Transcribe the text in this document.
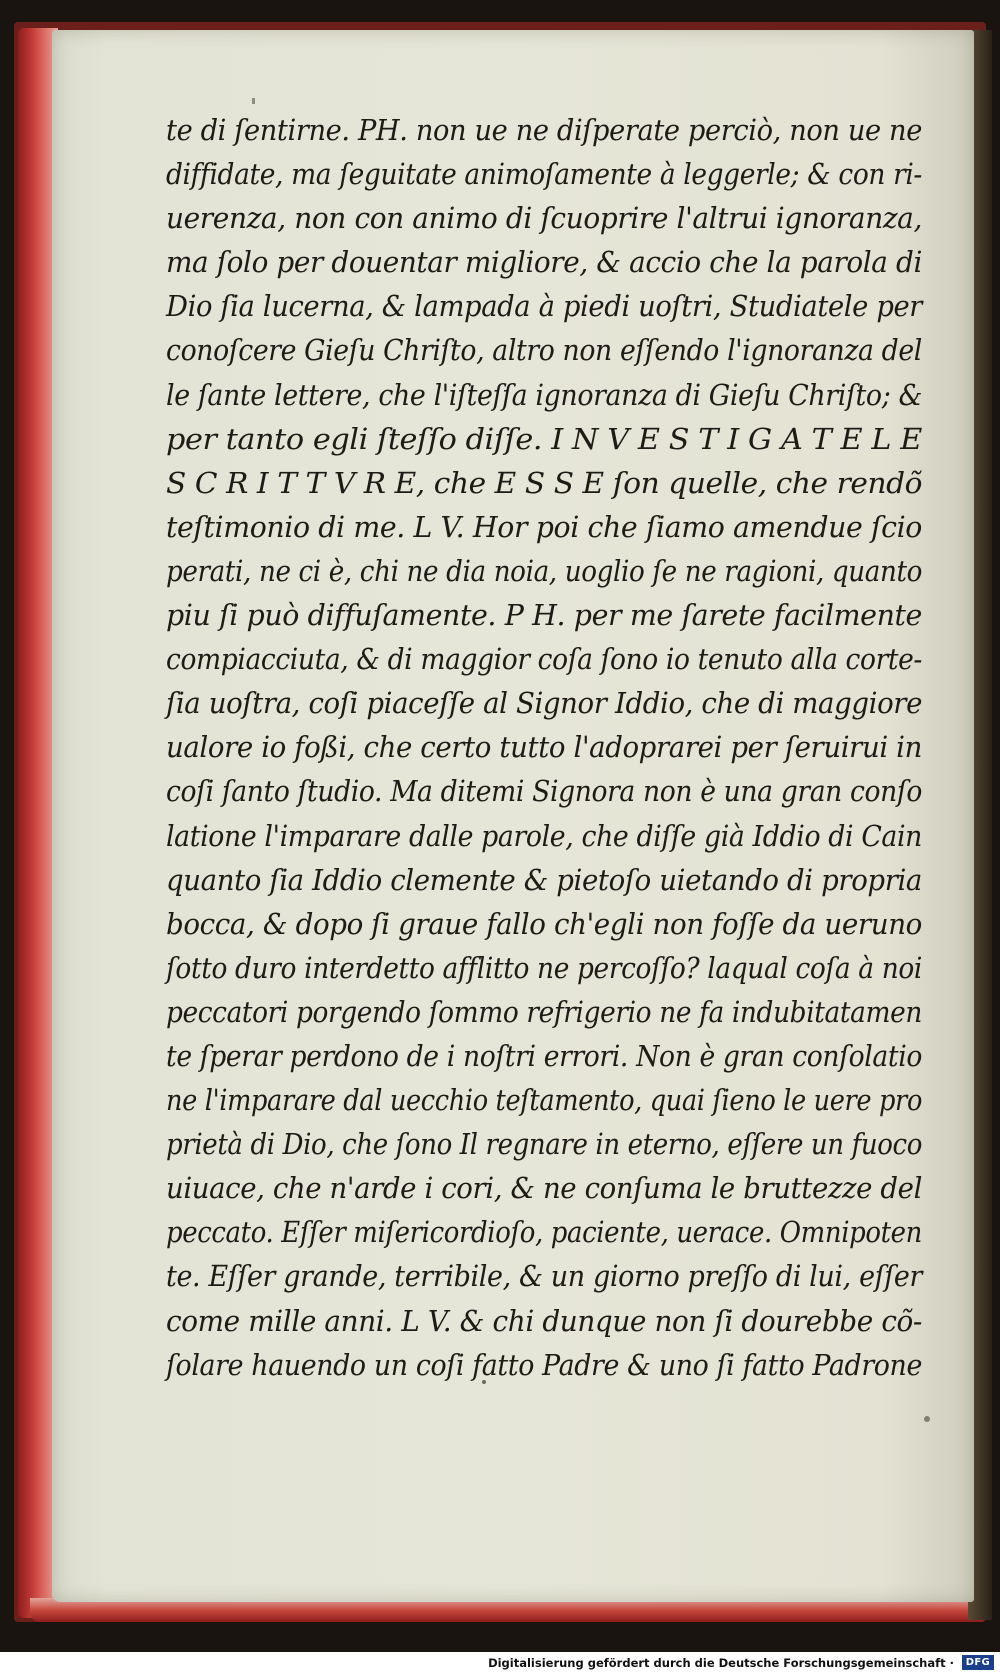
te di ſentirne. PH. non ue ne diſperate perciò, non ue ne
diffidate, ma ſeguitate animoſamente à leggerle; & con ri-
uerenza, non con animo di ſcuoprire l'altrui ignoranza,
ma ſolo per douentar migliore, & accio che la parola di
Dio ſia lucerna, & lampada à piedi uoſtri, Studiatele per
conoſcere Gieſu Chriſto, altro non eſſendo l'ignoranza del
le ſante lettere, che l'iſteſſa ignoranza di Gieſu Chriſto; &
per tanto egli ſteſſo diſſe. I N V E S T I G A T E L E
S C R I T T V R E, che E S S E ſon quelle, che rendõ
teſtimonio di me. L V. Hor poi che ſiamo amendue ſcio
perati, ne ci è, chi ne dia noia, uoglio ſe ne ragioni, quanto
piu ſi può diffuſamente. P H. per me ſarete facilmente
compiacciuta, & di maggior coſa ſono io tenuto alla corte-
ſia uoſtra, coſi piaceſſe al Signor Iddio, che di maggiore
ualore io foßi, che certo tutto l'adoprarei per ſeruirui in
coſi ſanto ſtudio. Ma ditemi Signora non è una gran conſo
latione l'imparare dalle parole, che diſſe già Iddio di Cain
quanto ſia Iddio clemente & pietoſo uietando di propria
bocca, & dopo ſi graue fallo ch'egli non foſſe da ueruno
ſotto duro interdetto afflitto ne percoſſo? laqual coſa à noi
peccatori porgendo ſommo refrigerio ne fa indubitatamen
te ſperar perdono de i noſtri errori. Non è gran conſolatio
ne l'imparare dal uecchio teſtamento, quai ſieno le uere pro
prietà di Dio, che ſono Il regnare in eterno, eſſere un fuoco
uiuace, che n'arde i cori, & ne conſuma le bruttezze del
peccato. Eſſer miſericordioſo, paciente, uerace. Omnipoten
te. Eſſer grande, terribile, & un giorno preſſo di lui, eſſer
come mille anni. L V. & chi dunque non ſi dourebbe cõ-
ſolare hauendo un coſi fatto Padre & uno ſi fatto Padrone
Digitalisierung gefördert durch die Deutsche Forschungsgemeinschaft ·	DFG
